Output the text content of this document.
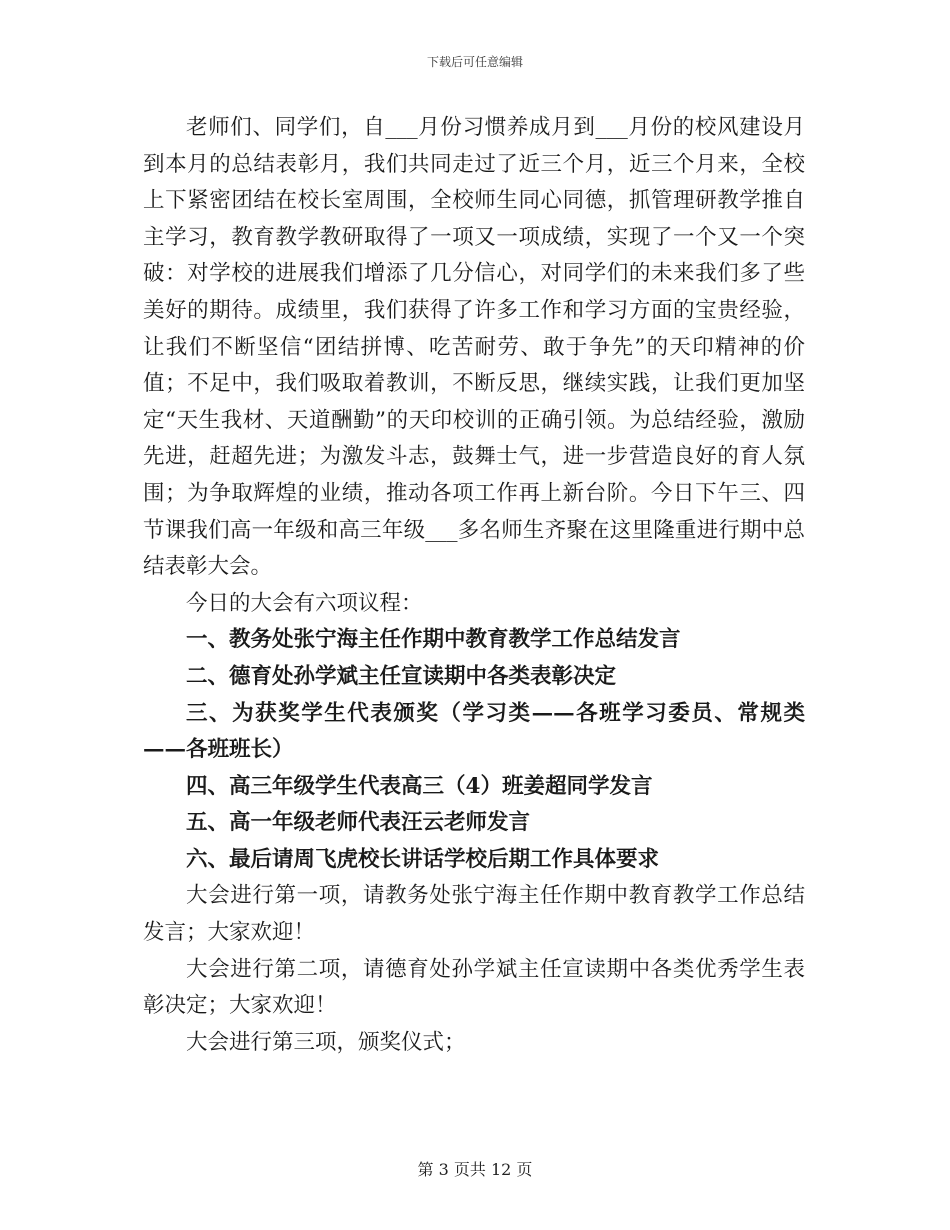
下载后可任意编辑

老师们、同学们，自___月份习惯养成月到___月份的校风建设月到本月的总结表彰月，我们共同走过了近三个月，近三个月来，全校上下紧密团结在校长室周围，全校师生同心同德，抓管理研教学推自主学习，教育教学教研取得了一项又一项成绩，实现了一个又一个突破：对学校的进展我们增添了几分信心，对同学们的未来我们多了些美好的期待。成绩里，我们获得了许多工作和学习方面的宝贵经验，让我们不断坚信“团结拼博、吃苦耐劳、敢于争先”的天印精神的价值；不足中，我们吸取着教训，不断反思，继续实践，让我们更加坚定“天生我材、天道酬勤”的天印校训的正确引领。为总结经验，激励先进，赶超先进；为激发斗志，鼓舞士气，进一步营造良好的育人氛围；为争取辉煌的业绩，推动各项工作再上新台阶。今日下午三、四节课我们高一年级和高三年级___多名师生齐聚在这里隆重进行期中总结表彰大会。

今日的大会有六项议程：

一、教务处张宁海主任作期中教育教学工作总结发言

二、德育处孙学斌主任宣读期中各类表彰决定

三、为获奖学生代表颁奖（学习类——各班学习委员、常规类——各班班长）

四、高三年级学生代表高三（4）班姜超同学发言

五、高一年级老师代表汪云老师发言

六、最后请周飞虎校长讲话学校后期工作具体要求

大会进行第一项，请教务处张宁海主任作期中教育教学工作总结发言；大家欢迎！

大会进行第二项，请德育处孙学斌主任宣读期中各类优秀学生表彰决定；大家欢迎！

大会进行第三项，颁奖仪式；

第 3 页共 12 页
